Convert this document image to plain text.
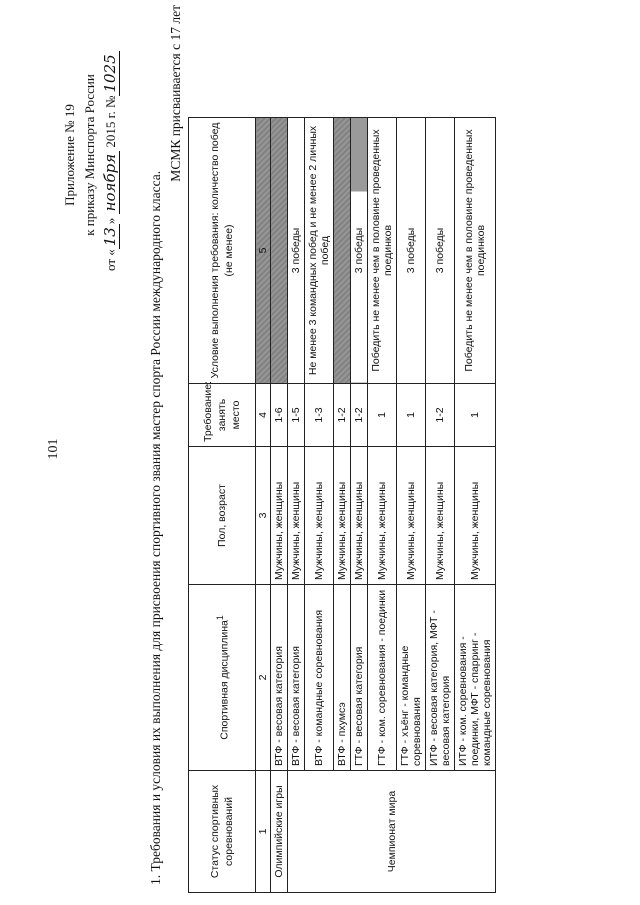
101
Приложение № 19 к приказу Минспорта России
от «13» ноября 2015 г. №1025
1. Требования и условия их выполнения для присвоения спортивного звания мастер спорта России международного класса.
МСМК присваивается с 17 лет
Статус спортивных соревнований	Спортивная дисциплина$^1$	Пол, возраст	Требование: занять место	Условие выполнения требования: количество побед (не менее)
1	2	3	4	5
Олимпийские игры	ВТФ - весовая категория	Мужчины, женщины	1-6	
Чемпионат мира	ВТФ - весовая категория	Мужчины, женщины	1-5	3 победы
	ВТФ - командные соревнования	Мужчины, женщины	1-3	Не менее 3 командных побед и не менее 2 личных побед
	ВТФ - пхумсэ	Мужчины, женщины	1-2	
	ГТФ - весовая категория	Мужчины, женщины	1-2	3 победы
	ГТФ - ком. соревнования - поединки	Мужчины, женщины	1	Победить не менее чем в половине проведенных поединков
	ГТФ - хъёнг - командные соревнования	Мужчины, женщины	1	3 победы
	ИТФ - весовая категория, МФТ - весовая категория	Мужчины, женщины	1-2	3 победы
	ИТФ - ком. соревнования - поединки, МФТ - спарринг - командные соревнования	Мужчины, женщины	1	Победить не менее чем в половине проведенных поединков
